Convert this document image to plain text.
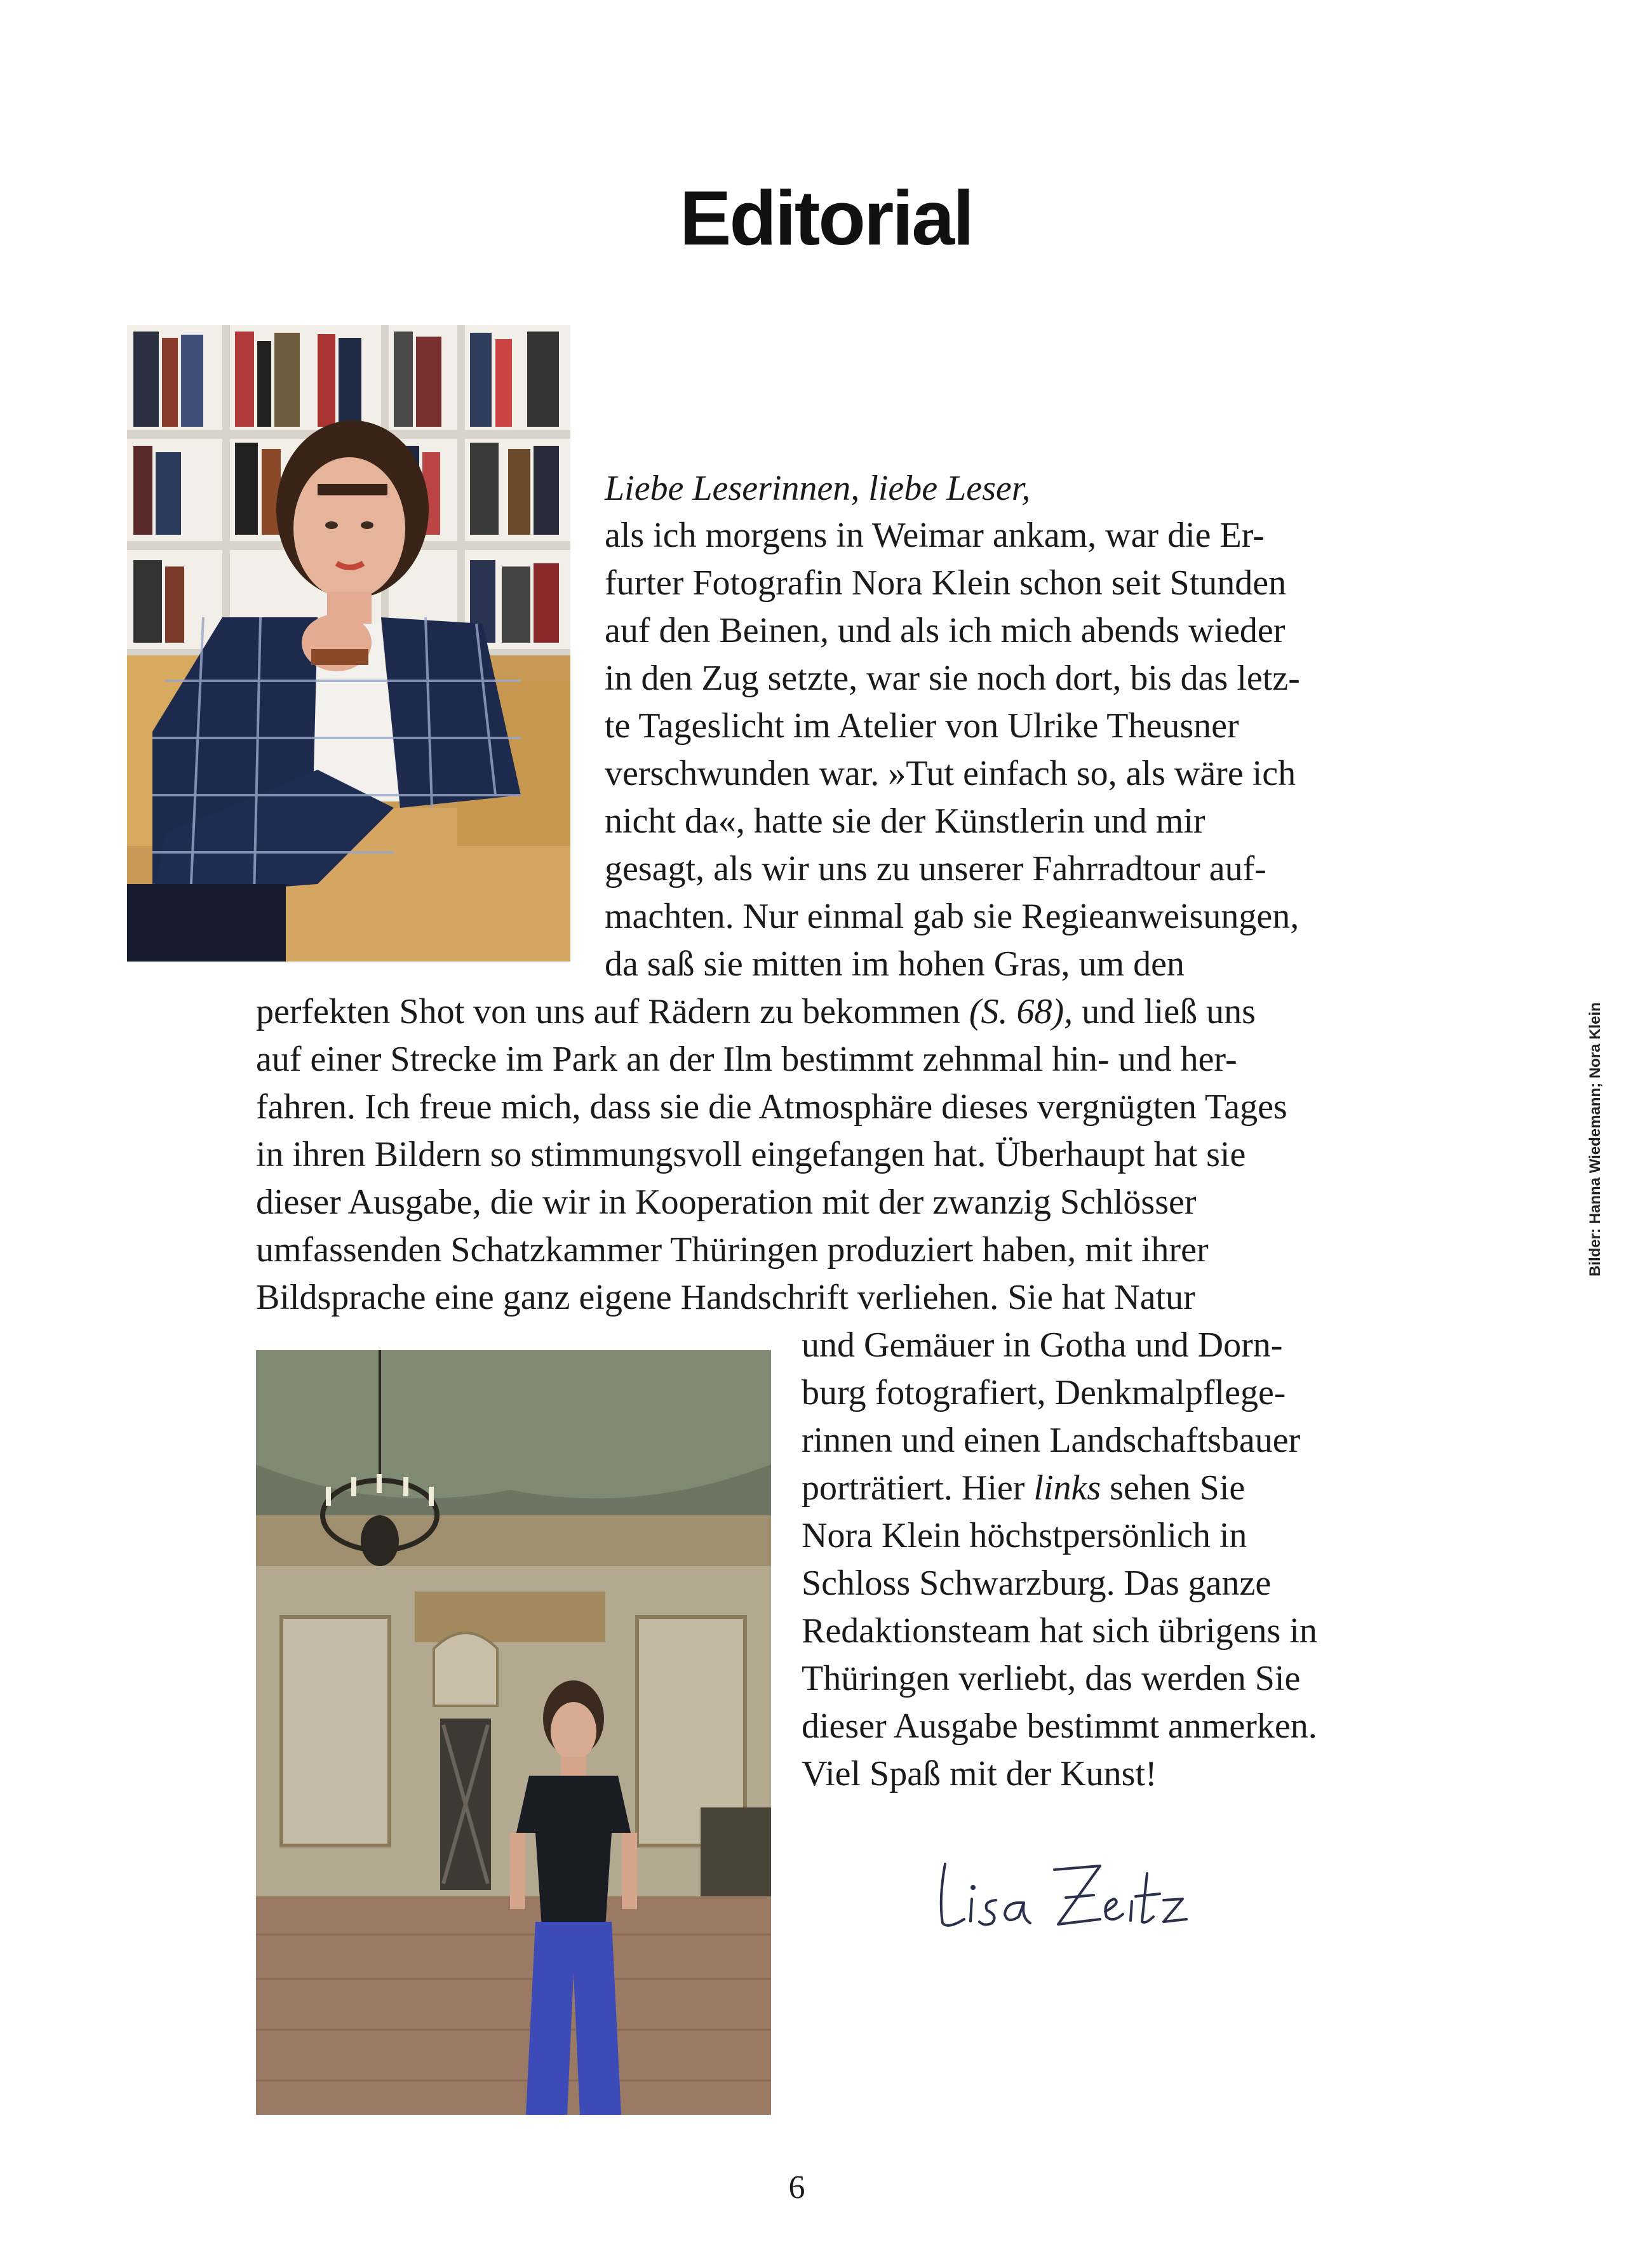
Editorial
Liebe Leserinnen, liebe Leser,
als ich morgens in Weimar ankam, war die Er-
furter Fotografin Nora Klein schon seit Stunden
auf den Beinen, und als ich mich abends wieder
in den Zug setzte, war sie noch dort, bis das letz-
te Tageslicht im Atelier von Ulrike Theusner
verschwunden war. »Tut einfach so, als wäre ich
nicht da«, hatte sie der Künstlerin und mir
gesagt, als wir uns zu unserer Fahrradtour auf-
machten. Nur einmal gab sie Regieanweisungen,
da saß sie mitten im hohen Gras, um den
perfekten Shot von uns auf Rädern zu bekommen (S. 68), und ließ uns
auf einer Strecke im Park an der Ilm bestimmt zehnmal hin- und her-
fahren. Ich freue mich, dass sie die Atmosphäre dieses vergnügten Tages
in ihren Bildern so stimmungsvoll eingefangen hat. Überhaupt hat sie
dieser Ausgabe, die wir in Kooperation mit der zwanzig Schlösser
umfassenden Schatzkammer Thüringen produziert haben, mit ihrer
Bildsprache eine ganz eigene Handschrift verliehen. Sie hat Natur
und Gemäuer in Gotha und Dorn-
burg fotografiert, Denkmalpflege-
rinnen und einen Landschaftsbauer
porträtiert. Hier links sehen Sie
Nora Klein höchstpersönlich in
Schloss Schwarzburg. Das ganze
Redaktionsteam hat sich übrigens in
Thüringen verliebt, das werden Sie
dieser Ausgabe bestimmt anmerken.
Viel Spaß mit der Kunst!
Bilder: Hanna Wiedemann; Nora Klein
6
